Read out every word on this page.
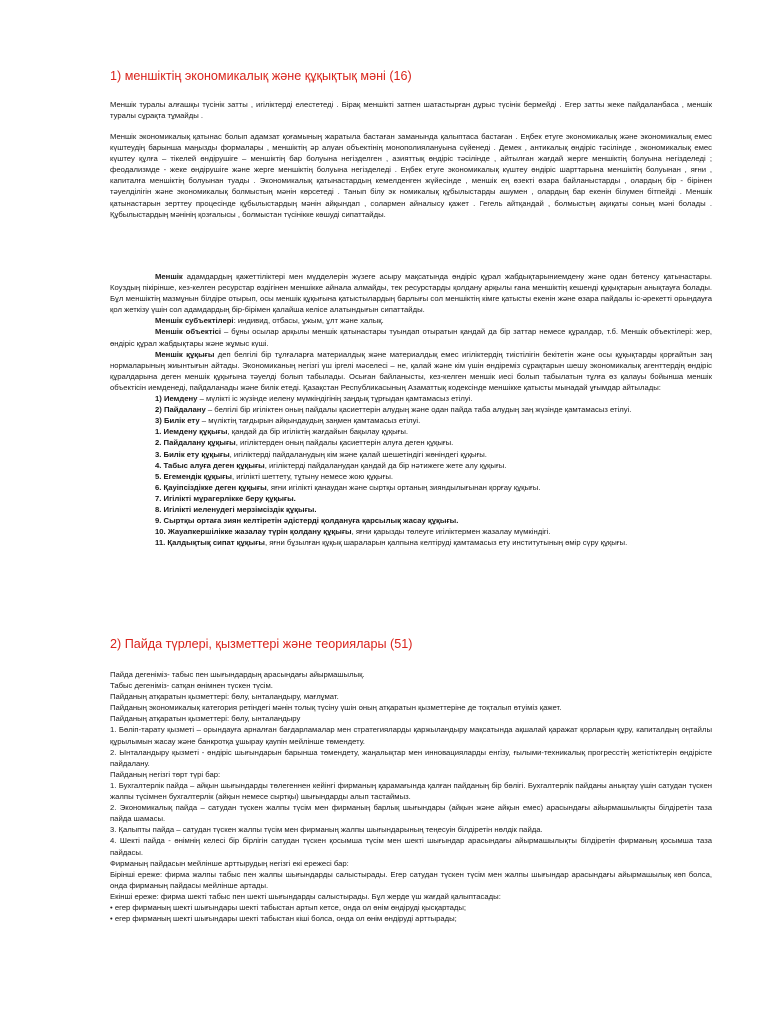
1) меншіктің экономикалық және құқықтық мәні (16)

Меншік туралы алғашқы түсінік затты , игіліктерді елестетеді . Бірақ меншікті затпен шатастырған дұрыс түсінік бермейді . Егер затты жеке пайдаланбаса , меншік туралы сұрақта тұмайды .

Меншік экономикалық қатынас болып адамзат қоғамының жаратыла бастаған заманында қалыптаса бастаған . Еңбек етуге экономикалық және экономикалық емес күштеудің барынша маңызды формалары , меншіктің әр алуан объектінің монополиялануына сүйенеді . Демек , антикалық өндіріс тәсілінде , экономикалық емес күштеу құлға – тікелей өндірушіге – меншіктің бар болуына негізделген , азияттық өндіріс тәсілінде , айтылған жағдай жерге меншіктің болуына негізделеді ; феодализмде - жеке өндірушіге және жерге меншіктің болуына негізделеді . Еңбек етуге экономикалық күштеу өндіріс шарттарына меншіктің болуынан , яғни , капиталға меншіктің болуынан туады . Экономикалық қатынастардың кемелденген жүйесінде , меншік ең өзекті өзара байланыстарды , олардың бір - бірінен тәуелділігін және экономикалық болмыстың мәнін көрсетеді . Танып білу эк номикалық құбылыстарды ашумен , олардың бар екенін білумен бітпейді . Меншік қатынастарын зерттеу процесінде құбылыстардың мәнін айқындап , солармен айналысу қажет . Гегель айтқандай , болмыстың ақиқаты соның мәні болады . Құбылыстардың мәнінің қозғалысы , болмыстан түсінікке көшуді сипаттайды.

Меншік адамдардың қажеттіліктері мен мүдделерін жүзеге асыру мақсатында өндіріс құрал жабдықтарыниемдену және одан бөтенсу қатынастары. Коуздың пікірінше, кез-келген ресурстар өздігінен меншікке айнала алмайды, тек ресурстарды қолдану арқылы ғана меншіктің кешенді құқықтарын анықтауға болады. Бұл меншіктің мазмұнын білдіре отырып, осы меншік құқығына қатыстылардың барлығы сол меншіктің кімге қатысты екенін және өзара пайдалы іс-әрекетті орындауға қол жеткізу үшін сол адамдардың бір-бірімен қалайша келісе алатындығын сипаттайды.

Меншік субъектілері: индивид, отбасы, ұжым, ұлт және халық.

Меншік объектісі – бұны осылар арқылы меншік қатынастары туындап отыратын қандай да бір заттар немесе құралдар, т.б. Меншік объектілері: жер, өндіріс құрал жабдықтары және жұмыс күші.

Меншік құқығы деп белгілі бір тұлғаларға материалдық және материалдық емес игіліктердің тиістілігін бекітетін және осы құқықтарды қорғайтын заң нормаларының жиынтығын айтады. Экономиканың негізгі үш іргелі мәселесі – не, қалай және кім үшін өндіреміз сұрақтарын шешу экономикалық агенттердің өндіріс құралдарына деген меншік құқығына тәуелді болып табылады. Осыған байланысты, кез-келген меншік иесі болып табылатын тұлға өз қалауы бойынша меншік объектісін иемденеді, пайдаланады және билік етеді. Қазақстан Республикасының Азаматтық кодексінде меншікке қатысты мынадай ұғымдар айтылады:

1) Иемдену – мүлікті іс жүзінде иелену мүмкіндігінің заңдық тұрғыдан қамтамасыз етілуі.

2) Пайдалану – белгілі бір игіліктен оның пайдалы қасиеттерін алудың және одан пайда таба алудың заң жүзінде қамтамасыз етілуі.

3) Билік ету – мүліктің тағдырын айқындаудың заңмен қамтамасыз етілуі.

1. Иемдену құқығы, қандай да бір игіліктің жағдайын бақылау құқығы.

2. Пайдалану құқығы, игіліктерден оның пайдалы қасиеттерін алуға деген құқығы.

3. Билік ету құқығы, игіліктерді пайдаланудың кім және қалай шешетіндігі жөніндегі құқығы.

4. Табыс алуға деген құқығы, игіліктерді пайдаланудан қандай да бір нәтижеге жете алу құқығы.

5. Егемендік құқығы, игілікті шеттету, тұтыну немесе жою құқығы.

6. Қауіпсіздікке деген құқығы, яғни игілікті қанаудан және сыртқы ортаның зияндылығынан қорғау құқығы.

7. Игілікті мұрагерлікке беру құқығы.

8. Игілікті иеленудегі мерзімсіздік құқығы.

9. Сыртқы ортаға зиян келтіретін әдістерді қолдануға қарсылық жасау құқығы.

10. Жауапкершілікке жазалау түрін қолдану құқығы, яғни қарызды төлеуге игіліктермен жазалау мүмкіндігі.

11. Қалдықтық сипат құқығы, яғни бұзылған құқық шараларын қалпына келтіруді қамтамасыз ету институтының өмір сүру құқығы.

2) Пайда түрлері, қызметтері және теориялары (51)

Пайда дегеніміз- табыс пен шығындардың арасындағы айырмашылық.

Табыс дегеніміз- сатқан өнімнен түскен түсім.

Пайданың атқаратын қызметтері: бөлу, ынталандыру, мағлұмат.

Пайданың экономикалық категория ретіндегі мәнін толық түсіну үшін оның атқаратын қызметтеріне де тоқталып өтуіміз қажет.

Пайданың атқаратын қызметтері: бөлу, ынталандыру

1. Бөліп-тарату қызметі – орындауға арналған бағдарламалар мен стратегияларды қаржыландыру мақсатында ақшалай қаражат қорларын құру, капиталдың оңтайлы құрылымын жасау және банкротқа ұшырау қаупін мейлінше төмендету.

2. Ынталандыру қызметі - өндіріс шығындарын барынша төмендету, жаңалықтар мен инновацияларды енгізу, ғылыми-техникалық прогресстің жетістіктерін өндірісте пайдалану.

Пайданың негізгі төрт түрі бар:

1. Бухгалтерлік пайда – айқын шығындарды төлегеннен кейінгі фирманың қарамағында қалған пайданың бір бөлігі. Бухгалтерлік пайданы анықтау үшін сатудан түскен жалпы түсімнен бухгалтерлік (айқын немесе сыртқы) шығындарды алып тастаймыз.

2. Экономикалық пайда – сатудан түскен жалпы түсім мен фирманың барлық шығындары (айқын және айқын емес) арасындағы айырмашылықты білдіретін таза пайда шамасы.

3. Қалыпты пайда – сатудан түскен жалпы түсім мен фирманың жалпы шығындарының теңесуін білдіретін нөлдік пайда.

4. Шекті пайда - өнімнің келесі бір бірлігін сатудан түскен қосымша түсім мен шекті шығындар арасындағы айырмашылықты білдіретін фирманың қосымша таза пайдасы.

Фирманың пайдасын мейлінше арттырудың негізгі екі ережесі бар:

Бірінші ереже: фирма жалпы табыс пен жалпы шығындарды салыстырады. Егер сатудан түскен түсім мен жалпы шығындар арасындағы айырмашылық көп болса, онда фирманың пайдасы мейлінше артады.

Екінші ереже: фирма шекті табыс пен шекті шығындарды салыстырады. Бұл жерде үш жағдай қалыптасады:

• егер фирманың шекті шығындары шекті табыстан артып кетсе, онда ол өнім өндіруді қысқартады;

• егер фирманың шекті шығындары шекті табыстан кіші болса, онда ол өнім өндіруді арттырады;
